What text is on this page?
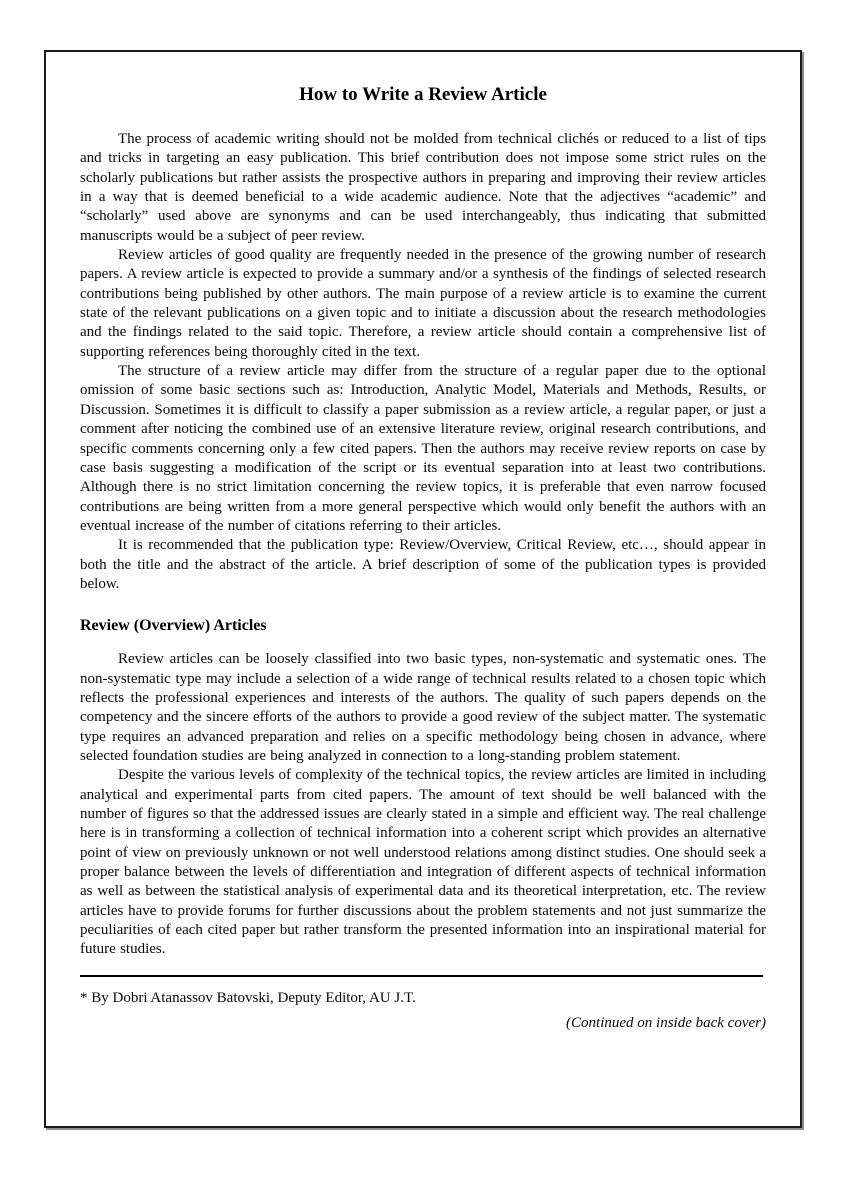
How to Write a Review Article

The process of academic writing should not be molded from technical clichés or reduced to a list of tips and tricks in targeting an easy publication. This brief contribution does not impose some strict rules on the scholarly publications but rather assists the prospective authors in preparing and improving their review articles in a way that is deemed beneficial to a wide academic audience. Note that the adjectives “academic” and “scholarly” used above are synonyms and can be used interchangeably, thus indicating that submitted manuscripts would be a subject of peer review.

Review articles of good quality are frequently needed in the presence of the growing number of research papers. A review article is expected to provide a summary and/or a synthesis of the findings of selected research contributions being published by other authors. The main purpose of a review article is to examine the current state of the relevant publications on a given topic and to initiate a discussion about the research methodologies and the findings related to the said topic. Therefore, a review article should contain a comprehensive list of supporting references being thoroughly cited in the text.

The structure of a review article may differ from the structure of a regular paper due to the optional omission of some basic sections such as: Introduction, Analytic Model, Materials and Methods, Results, or Discussion. Sometimes it is difficult to classify a paper submission as a review article, a regular paper, or just a comment after noticing the combined use of an extensive literature review, original research contributions, and specific comments concerning only a few cited papers. Then the authors may receive review reports on case by case basis suggesting a modification of the script or its eventual separation into at least two contributions. Although there is no strict limitation concerning the review topics, it is preferable that even narrow focused contributions are being written from a more general perspective which would only benefit the authors with an eventual increase of the number of citations referring to their articles.

It is recommended that the publication type: Review/Overview, Critical Review, etc…, should appear in both the title and the abstract of the article. A brief description of some of the publication types is provided below.

Review (Overview) Articles

Review articles can be loosely classified into two basic types, non-systematic and systematic ones. The non-systematic type may include a selection of a wide range of technical results related to a chosen topic which reflects the professional experiences and interests of the authors. The quality of such papers depends on the competency and the sincere efforts of the authors to provide a good review of the subject matter. The systematic type requires an advanced preparation and relies on a specific methodology being chosen in advance, where selected foundation studies are being analyzed in connection to a long-standing problem statement.

Despite the various levels of complexity of the technical topics, the review articles are limited in including analytical and experimental parts from cited papers. The amount of text should be well balanced with the number of figures so that the addressed issues are clearly stated in a simple and efficient way. The real challenge here is in transforming a collection of technical information into a coherent script which provides an alternative point of view on previously unknown or not well understood relations among distinct studies. One should seek a proper balance between the levels of differentiation and integration of different aspects of technical information as well as between the statistical analysis of experimental data and its theoretical interpretation, etc. The review articles have to provide forums for further discussions about the problem statements and not just summarize the peculiarities of each cited paper but rather transform the presented information into an inspirational material for future studies.

* By Dobri Atanassov Batovski, Deputy Editor, AU J.T.

(Continued on inside back cover)
